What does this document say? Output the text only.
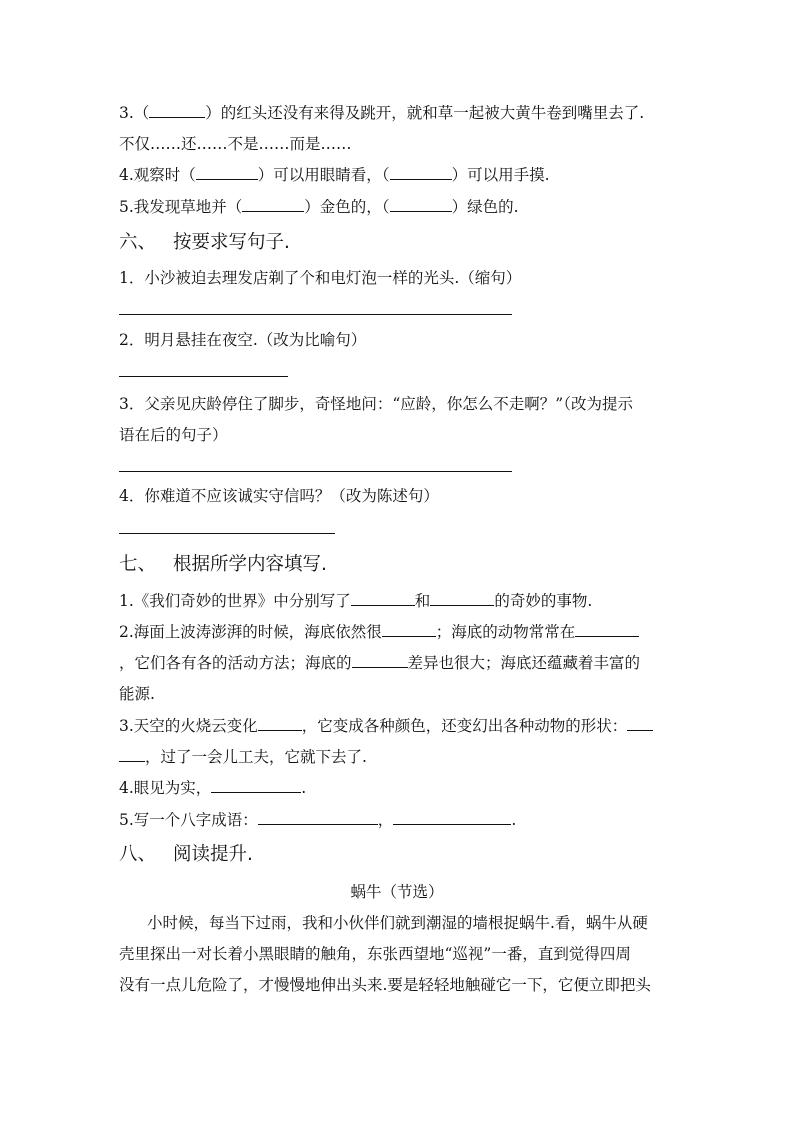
3.（	）的红头还没有来得及跳开，就和草一起被大黄牛卷到嘴里去了.
不仅……还……不是……而是……
4.观察时（	）可以用眼睛看，（	）可以用手摸.
5.我发现草地并（	）金色的，（	）绿色的.
六、 按要求写句子.
1．小沙被迫去理发店剃了个和电灯泡一样的光头.（缩句）
2．明月悬挂在夜空.（改为比喻句）
3．父亲见庆龄停住了脚步，奇怪地问：“应龄，你怎么不走啊？”（改为提示
语在后的句子）
4．你难道不应该诚实守信吗？（改为陈述句）
七、 根据所学内容填写.
1.《我们奇妙的世界》中分别写了	和	的奇妙的事物.
2.海面上波涛澎湃的时候，海底依然很	；海底的动物常常在
，它们各有各的活动方法；海底的	差异也很大；海底还蕴藏着丰富的
能源.
3.天空的火烧云变化	，它变成各种颜色，还变幻出各种动物的形状：
，过了一会儿工夫，它就下去了.
4.眼见为实，	.
5.写一个八字成语：	，	.
八、 阅读提升.
蜗牛（节选）
小时候，每当下过雨，我和小伙伴们就到潮湿的墙根捉蜗牛.看，蜗牛从硬
壳里探出一对长着小黑眼睛的触角，东张西望地“巡视”一番，直到觉得四周
没有一点儿危险了，才慢慢地伸出头来.要是轻轻地触碰它一下，它便立即把头
